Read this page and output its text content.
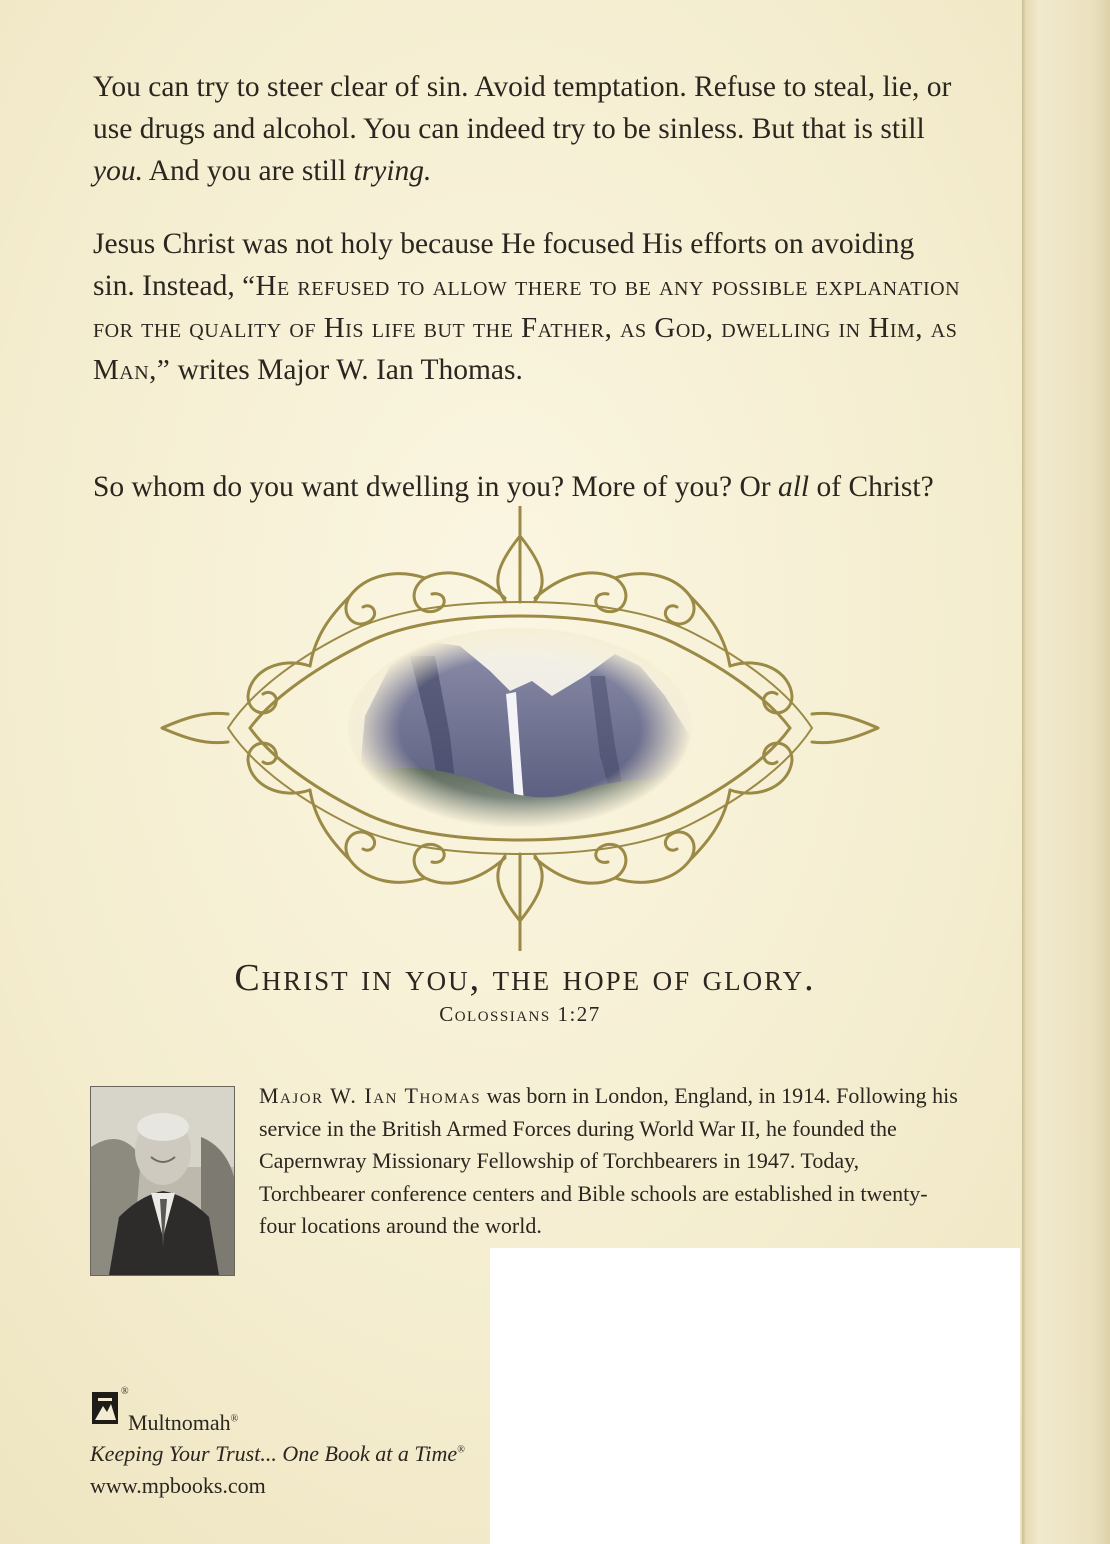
You can try to steer clear of sin. Avoid temptation. Refuse to steal, lie, or use drugs and alcohol. You can indeed try to be sinless. But that is still you. And you are still trying.
Jesus Christ was not holy because He focused His efforts on avoiding sin. Instead, “He refused to allow there to be any possible explanation for the quality of His life but the Father, as God, dwelling in Him, as Man,” writes Major W. Ian Thomas.
So whom do you want dwelling in you? More of you? Or all of Christ?
Christ in you, the hope of glory.
Colossians 1:27
Major W. Ian Thomas was born in London, England, in 1914. Following his service in the British Armed Forces during World War II, he founded the Capernwray Missionary Fellowship of Torchbearers in 1947. Today, Torchbearer conference centers and Bible schools are established in twenty-four locations around the world.
®
Multnomah®
Keeping Your Trust... One Book at a Time®
www.mpbooks.com
